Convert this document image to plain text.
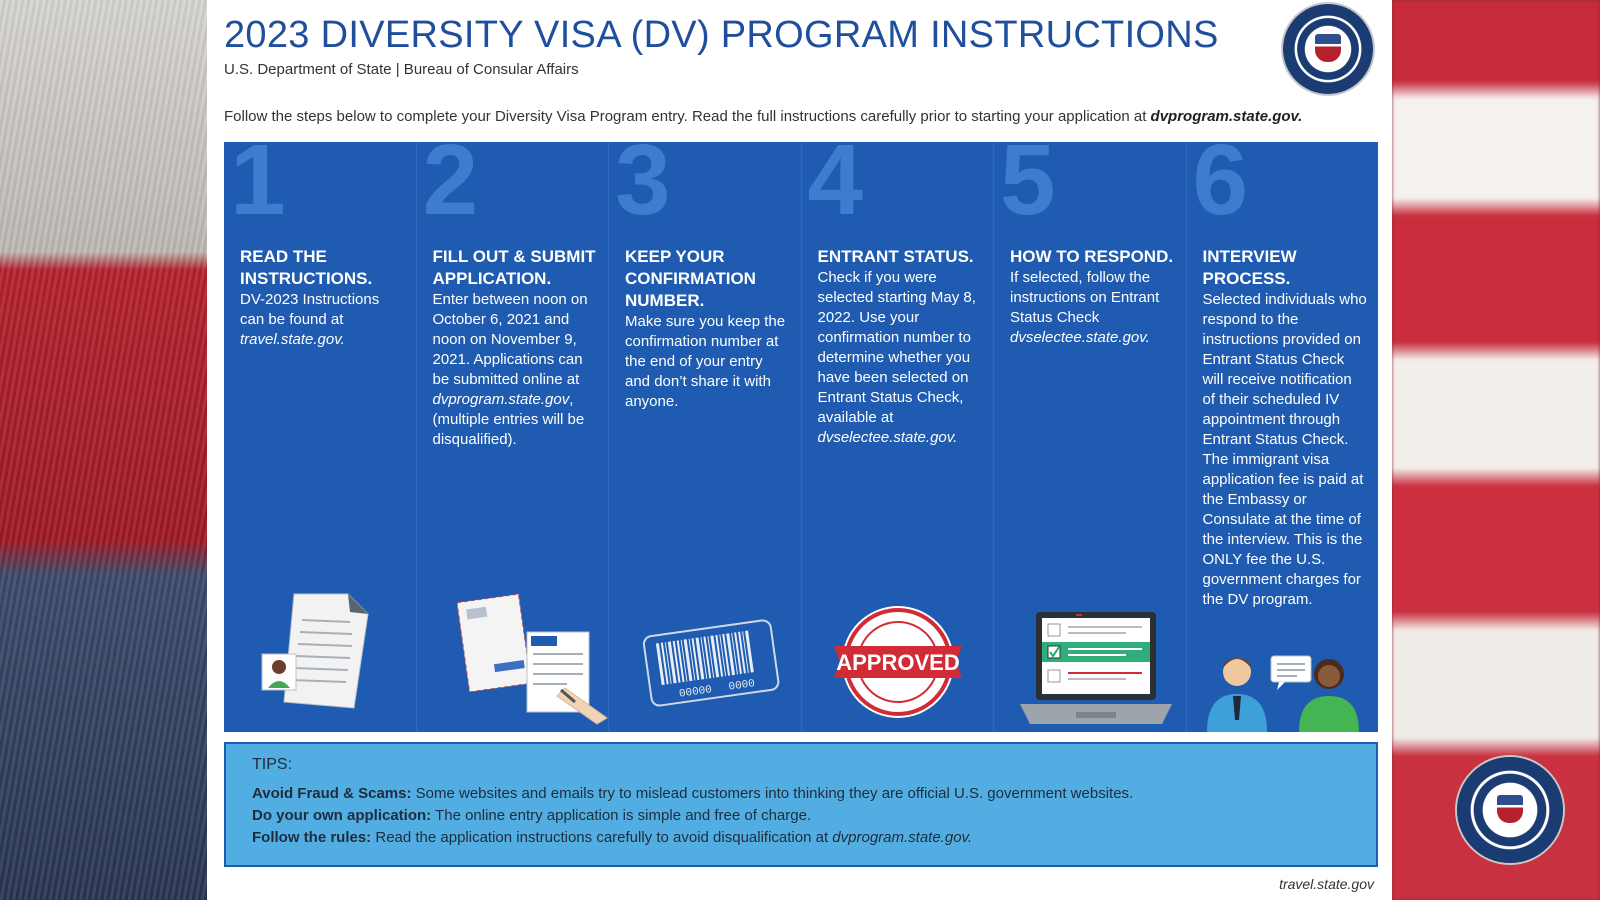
2023 DIVERSITY VISA (DV) PROGRAM INSTRUCTIONS
U.S. Department of State | Bureau of Consular Affairs
Follow the steps below to complete your Diversity Visa Program entry. Read the full instructions carefully prior to starting your application at dvprogram.state.gov.
1
READ THE INSTRUCTIONS.
DV-2023 Instructions can be found at travel.state.gov.
2
FILL OUT & SUBMIT APPLICATION.
Enter between noon on October 6, 2021 and noon on November 9, 2021. Applications can be submitted online at dvprogram.state.gov, (multiple entries will be disqualified).
3
KEEP YOUR CONFIRMATION NUMBER.
Make sure you keep the confirmation number at the end of your entry and don’t share it with anyone.
00000 0000
4
ENTRANT STATUS.
Check if you were selected starting May 8, 2022. Use your confirmation number to determine whether you have been selected on Entrant Status Check, available at dvselectee.state.gov.
APPROVED
5
HOW TO RESPOND.
If selected, follow the instructions on Entrant Status Check dvselectee.state.gov.
6
INTERVIEW PROCESS.
Selected individuals who respond to the instructions provided on Entrant Status Check will receive notification of their scheduled IV appointment through Entrant Status Check. The immigrant visa application fee is paid at the Embassy or Consulate at the time of the interview. This is the ONLY fee the U.S. government charges for the DV program.
TIPS:
Avoid Fraud & Scams: Some websites and emails try to mislead customers into thinking they are official U.S. government websites.
Do your own application: The online entry application is simple and free of charge.
Follow the rules: Read the application instructions carefully to avoid disqualification at dvprogram.state.gov.
travel.state.gov
